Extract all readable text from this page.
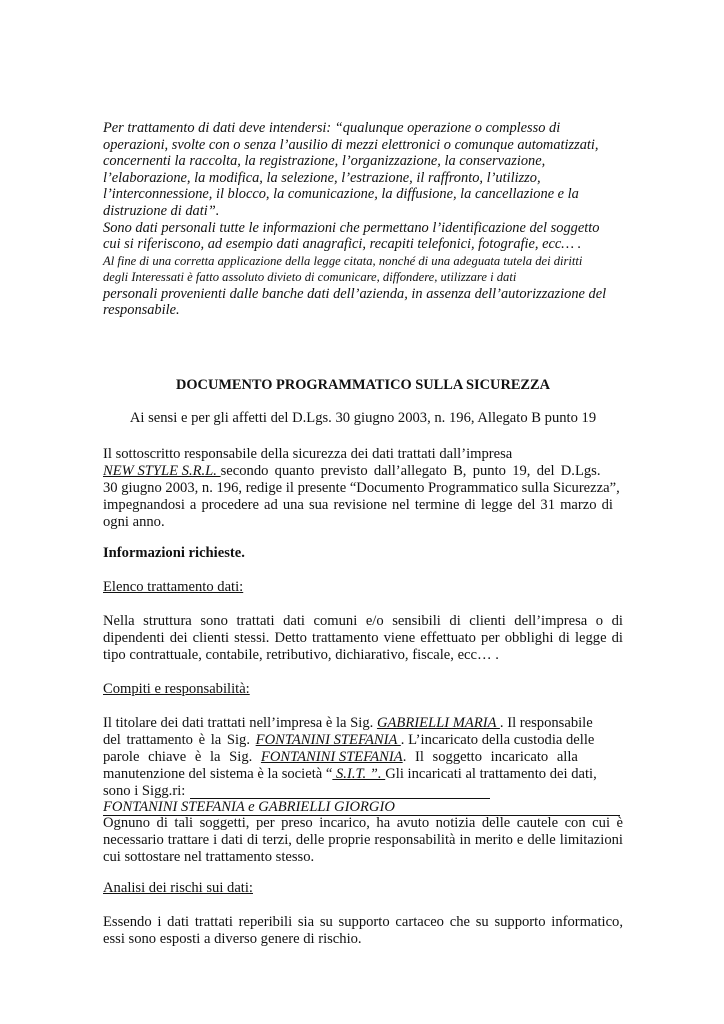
Per trattamento di dati deve intendersi: “qualunque operazione o complesso di
operazioni, svolte con o senza l’ausilio di mezzi elettronici o comunque automatizzati,
concernenti la raccolta, la registrazione, l’organizzazione, la conservazione,
l’elaborazione, la modifica, la selezione, l’estrazione, il raffronto, l’utilizzo,
l’interconnessione, il blocco, la comunicazione, la diffusione, la cancellazione e la
distruzione di dati”.
Sono dati personali tutte le informazioni che permettano l’identificazione del soggetto
cui si riferiscono, ad esempio dati anagrafici, recapiti telefonici, fotografie, ecc… .
Al fine di una corretta applicazione della legge citata, nonché di una adeguata tutela dei diritti
degli Interessati è fatto assoluto divieto di comunicare, diffondere, utilizzare i dati
personali provenienti dalle banche dati dell’azienda, in assenza dell’autorizzazione del
responsabile.
DOCUMENTO PROGRAMMATICO SULLA SICUREZZA
Ai sensi e per gli affetti del D.Lgs. 30 giugno 2003, n. 196, Allegato B punto 19
Il sottoscritto responsabile della sicurezza dei dati trattati dall’impresa
NEW STYLE S.R.L. secondo quanto previsto dall’allegato B, punto 19, del D.Lgs.
30 giugno 2003, n. 196, redige il presente “Documento Programmatico sulla Sicurezza”,
impegnandosi a procedere ad una sua revisione nel termine di legge del 31 marzo di
ogni anno.
Informazioni richieste.
Elenco trattamento dati:
Nella struttura sono trattati dati comuni e/o sensibili di clienti dell’impresa o di dipendenti dei clienti stessi. Detto trattamento viene effettuato per obblighi di legge di tipo contrattuale, contabile, retributivo, dichiarativo, fiscale, ecc… .
Compiti e responsabilità:
Il titolare dei dati trattati nell’impresa è la Sig. GABRIELLI MARIA . Il responsabile
del trattamento è la Sig. FONTANINI STEFANIA . L’incaricato della custodia delle
parole chiave è la Sig. FONTANINI STEFANIA. Il soggetto incaricato alla
manutenzione del sistema è la società “ S.I.T. ”. Gli incaricati al trattamento dei dati,
sono i Sigg.ri:
FONTANINI STEFANIA e GABRIELLI GIORGIO
Ognuno di tali soggetti, per preso incarico, ha avuto notizia delle cautele con cui è necessario trattare i dati di terzi, delle proprie responsabilità in merito e delle limitazioni cui sottostare nel trattamento stesso.
Analisi dei rischi sui dati:
Essendo i dati trattati reperibili sia su supporto cartaceo che su supporto informatico, essi sono esposti a diverso genere di rischio.
